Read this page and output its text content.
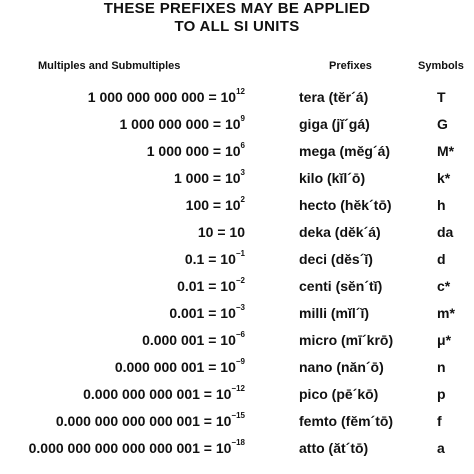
THESE PREFIXES MAY BE APPLIED
TO ALL SI UNITS
Multiples and Submultiples	Prefixes	Symbols
1 000 000 000 $000 = 10^{12}$	tera (tĕr´á)	T
1 000 000 $000 = 10^9$	giga (jĭ´gá)	G
1 000 $000 = 10^6$	mega (mĕg´á)	M*
1 $000 = 10^3$	kilo (kĭl´ō)	k*
$100 = 10^2$	hecto (hĕk´tō)	h
10 = 10	deka (dĕk´á)	da
$0.1 = 10^{-1}$	deci (dĕs´ĭ)	d
$0.01 = 10^{-2}$	centi (sĕn´tĭ)	c*
$0.001 = 10^{-3}$	milli (mĭl´ĭ)	m*
0.000 $001 = 10^{-6}$	micro (mī´krō)	μ*
0.000 000 $001 = 10^{-9}$	nano (năn´ō)	n
0.000 000 000 $001 = 10^{-12}$	pico (pē´kō)	p
0.000 000 000 000 $001 = 10^{-15}$	femto (fĕm´tō)	f
0.000 000 000 000 000 $001 = 10^{-18}$	atto (ăt´tō)	a
